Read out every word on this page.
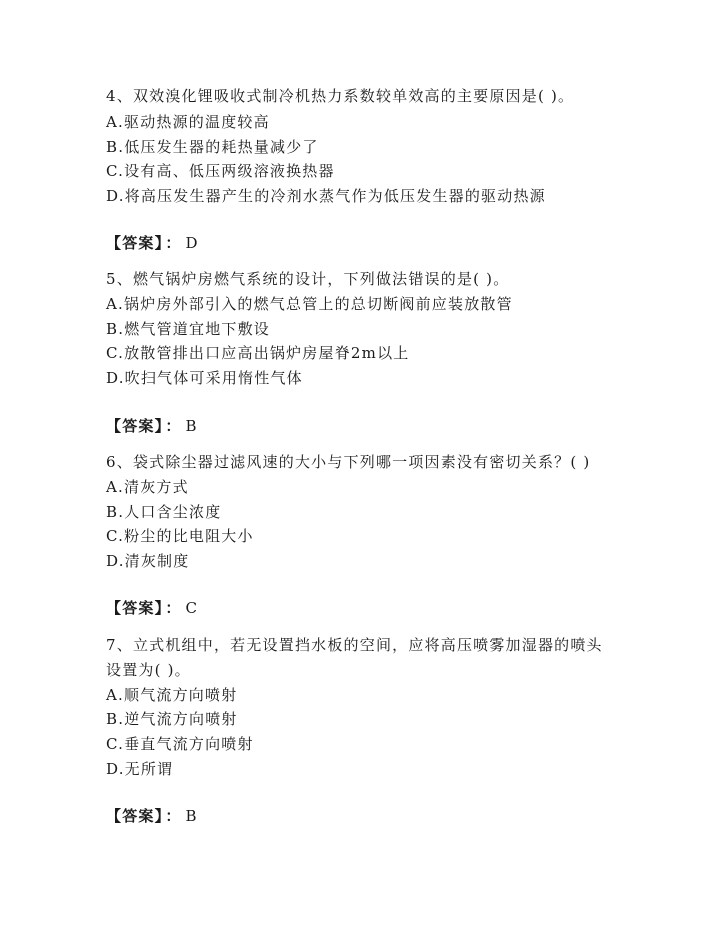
4、双效溴化锂吸收式制冷机热力系数较单效高的主要原因是( )。
A.驱动热源的温度较高
B.低压发生器的耗热量减少了
C.设有高、低压两级溶液换热器
D.将高压发生器产生的冷剂水蒸气作为低压发生器的驱动热源
【答案】 ： D
5、燃气锅炉房燃气系统的设计，下列做法错误的是( )。
A.锅炉房外部引入的燃气总管上的总切断阀前应装放散管
B.燃气管道宜地下敷设
C.放散管排出口应高出锅炉房屋脊2m以上
D.吹扫气体可采用惰性气体
【答案】 ： B
6、袋式除尘器过滤风速的大小与下列哪一项因素没有密切关系？( )
A.清灰方式
B.人口含尘浓度
C.粉尘的比电阻大小
D.清灰制度
【答案】 ： C
7、立式机组中，若无设置挡水板的空间，应将高压喷雾加湿器的喷头
设置为( )。
A.顺气流方向喷射
B.逆气流方向喷射
C.垂直气流方向喷射
D.无所谓
【答案】 ： B
